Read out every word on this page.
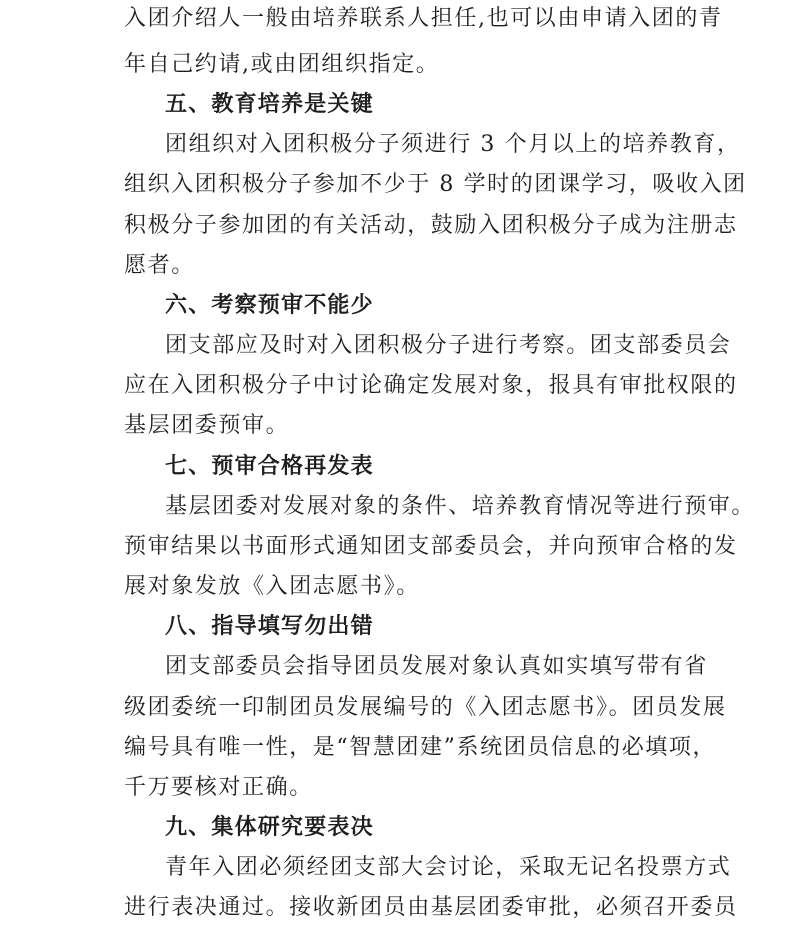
入团介绍人一般由培养联系人担任,也可以由申请入团的青
年自己约请,或由团组织指定。
五、教育培养是关键
团组织对入团积极分子须进行 3 个月以上的培养教育，
组织入团积极分子参加不少于 8 学时的团课学习，吸收入团
积极分子参加团的有关活动，鼓励入团积极分子成为注册志
愿者。
六、考察预审不能少
团支部应及时对入团积极分子进行考察。团支部委员会
应在入团积极分子中讨论确定发展对象，报具有审批权限的
基层团委预审。
七、预审合格再发表
基层团委对发展对象的条件、培养教育情况等进行预审。
预审结果以书面形式通知团支部委员会，并向预审合格的发
展对象发放《入团志愿书》。
八、指导填写勿出错
团支部委员会指导团员发展对象认真如实填写带有省
级团委统一印制团员发展编号的《入团志愿书》。团员发展
编号具有唯一性，是“智慧团建”系统团员信息的必填项，
千万要核对正确。
九、集体研究要表决
青年入团必须经团支部大会讨论，采取无记名投票方式
进行表决通过。接收新团员由基层团委审批，必须召开委员
